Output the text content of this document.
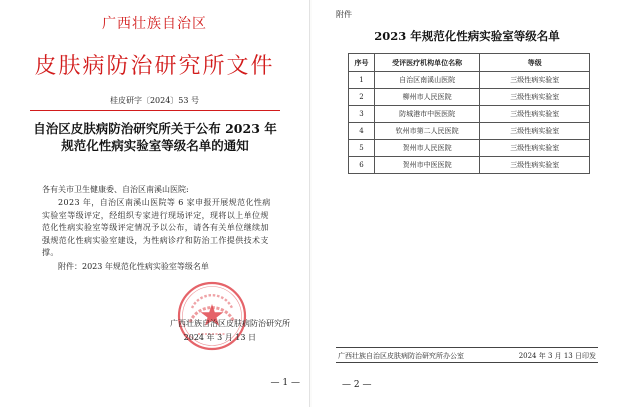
广西壮族自治区
皮肤病防治研究所文件
桂皮研字〔2024〕53 号
自治区皮肤病防治研究所关于公布 2023 年
规范化性病实验室等级名单的通知
各有关市卫生健康委、自治区南溪山医院:
2023 年，自治区南溪山医院等 6 家申报开展规范化性病实验室等级评定，经组织专家进行现场评定，现将以上单位规范化性病实验室等级评定情况予以公布，请各有关单位继续加强规范化性病实验室建设，为性病诊疗和防治工作提供技术支撑。
附件：2023 年规范化性病实验室等级名单
广西壮族自治区皮肤病防治研究所
2024 年 3 月 13 日
— 1 —
附件
2023 年规范化性病实验室等级名单
序号	受评医疗机构单位名称	等级
1	自治区南溪山医院	三级性病实验室
2	柳州市人民医院	三级性病实验室
3	防城港市中医医院	三级性病实验室
4	钦州市第二人民医院	三级性病实验室
5	贺州市人民医院	三级性病实验室
6	贺州市中医医院	三级性病实验室
广西壮族自治区皮肤病防治研究所办公室	2024 年 3 月 13 日印发
— 2 —
